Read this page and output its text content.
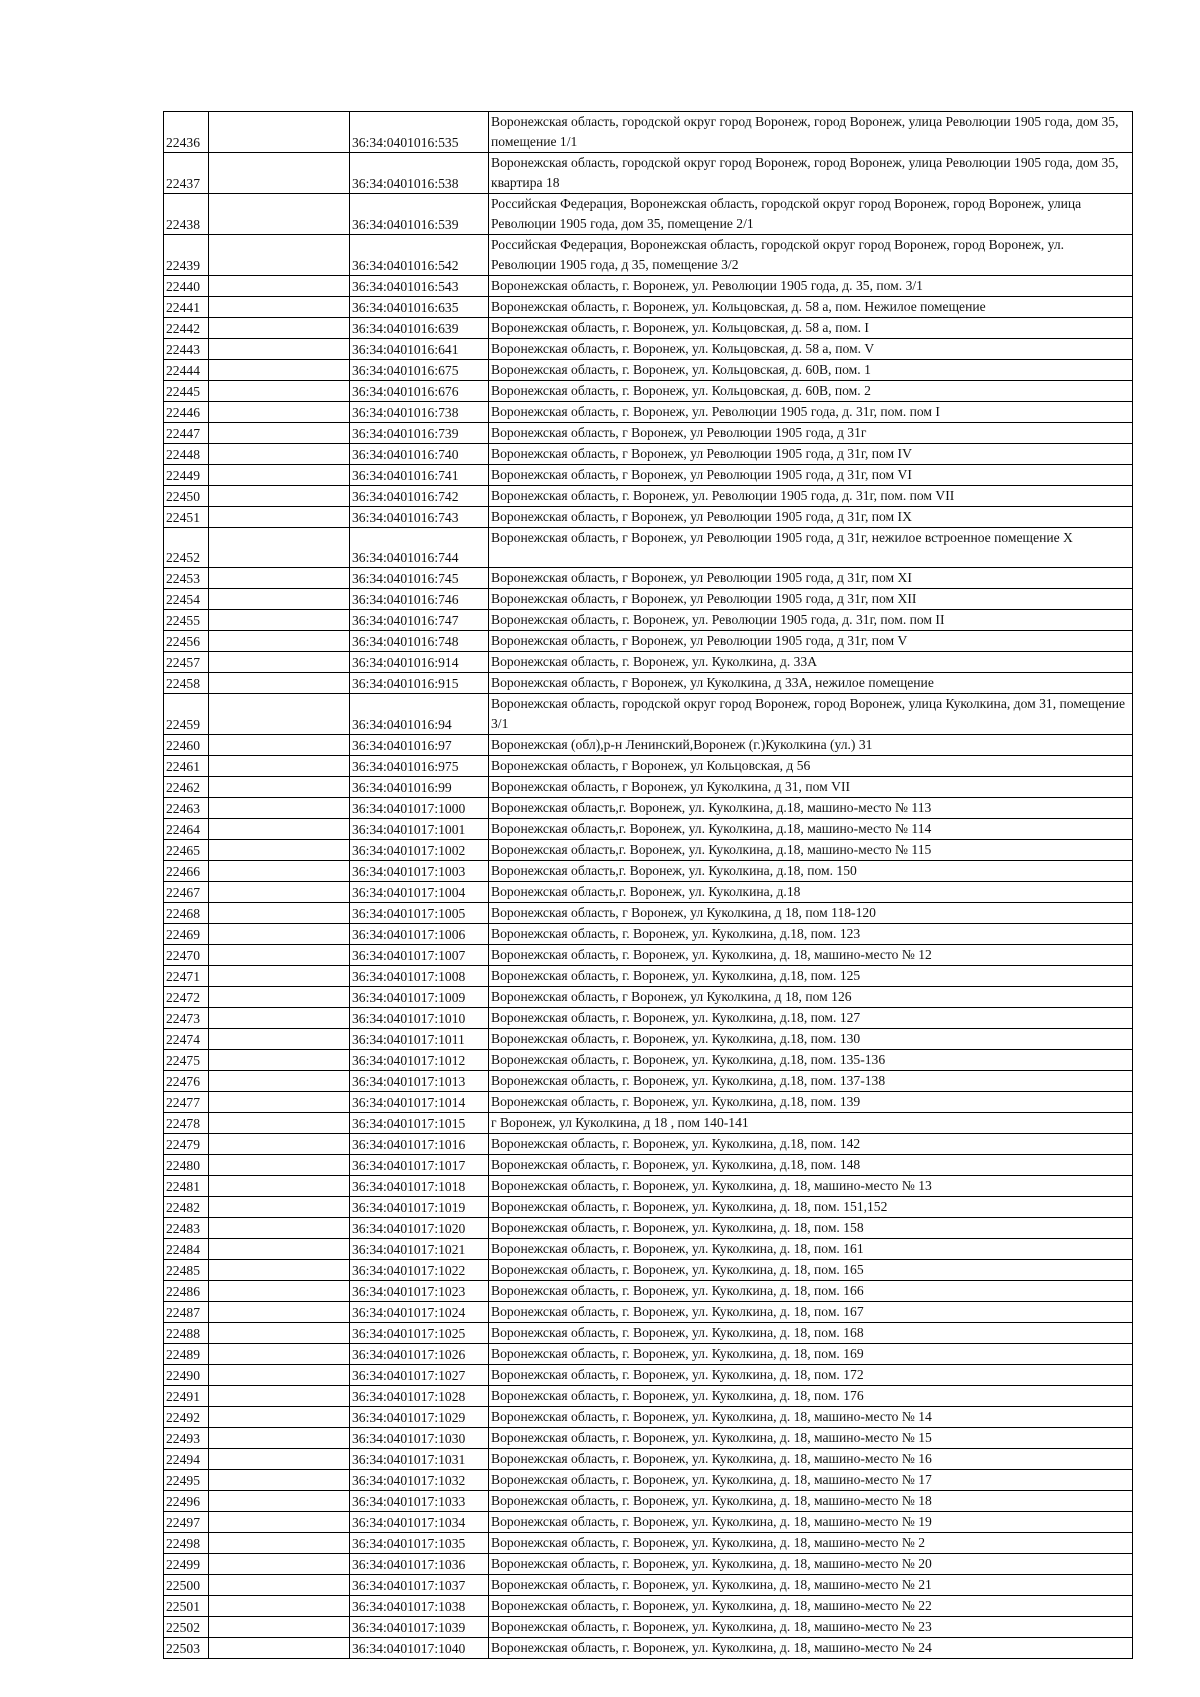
22436		36:34:0401016:535	Воронежская область, городской округ город Воронеж, город Воронеж, улица Революции 1905 года, дом 35, помещение 1/1
22437		36:34:0401016:538	Воронежская область, городской округ город Воронеж, город Воронеж, улица Революции 1905 года, дом 35, квартира 18
22438		36:34:0401016:539	Российская Федерация, Воронежская область, городской округ город Воронеж, город Воронеж, улица Революции 1905 года, дом 35, помещение 2/1
22439		36:34:0401016:542	Российская Федерация, Воронежская область, городской округ город Воронеж, город Воронеж, ул. Революции 1905 года, д 35, помещение 3/2
22440		36:34:0401016:543	Воронежская область, г. Воронеж, ул. Революции 1905 года, д. 35, пом. 3/1
22441		36:34:0401016:635	Воронежская область, г. Воронеж, ул. Кольцовская, д. 58 а, пом. Нежилое помещение
22442		36:34:0401016:639	Воронежская область, г. Воронеж, ул. Кольцовская, д. 58 а, пом. I
22443		36:34:0401016:641	Воронежская область, г. Воронеж, ул. Кольцовская, д. 58 а, пом. V
22444		36:34:0401016:675	Воронежская область, г. Воронеж, ул. Кольцовская, д. 60В, пом. 1
22445		36:34:0401016:676	Воронежская область, г. Воронеж, ул. Кольцовская, д. 60В, пом. 2
22446		36:34:0401016:738	Воронежская область, г. Воронеж, ул. Революции 1905 года, д. 31г, пом. пом I
22447		36:34:0401016:739	Воронежская область, г Воронеж, ул Революции 1905 года, д 31г
22448		36:34:0401016:740	Воронежская область, г Воронеж, ул Революции 1905 года, д 31г, пом IV
22449		36:34:0401016:741	Воронежская область, г Воронеж, ул Революции 1905 года, д 31г, пом VI
22450		36:34:0401016:742	Воронежская область, г. Воронеж, ул. Революции 1905 года, д. 31г, пом. пом VII
22451		36:34:0401016:743	Воронежская область, г Воронеж, ул Революции 1905 года, д 31г, пом IX
22452		36:34:0401016:744	Воронежская область, г Воронеж, ул Революции 1905 года, д 31г, нежилое встроенное помещение X
22453		36:34:0401016:745	Воронежская область, г Воронеж, ул Революции 1905 года, д 31г, пом XI
22454		36:34:0401016:746	Воронежская область, г Воронеж, ул Революции 1905 года, д 31г, пом XII
22455		36:34:0401016:747	Воронежская область, г. Воронеж, ул. Революции 1905 года, д. 31г, пом. пом II
22456		36:34:0401016:748	Воронежская область, г Воронеж, ул Революции 1905 года, д 31г, пом V
22457		36:34:0401016:914	Воронежская область, г. Воронеж, ул. Куколкина, д. 33А
22458		36:34:0401016:915	Воронежская область, г Воронеж, ул Куколкина, д 33А, нежилое помещение
22459		36:34:0401016:94	Воронежская область, городской округ город Воронеж, город Воронеж, улица Куколкина, дом 31, помещение 3/1
22460		36:34:0401016:97	Воронежская (обл),р-н Ленинский,Воронеж (г.)Куколкина (ул.) 31
22461		36:34:0401016:975	Воронежская область, г Воронеж, ул Кольцовская, д 56
22462		36:34:0401016:99	Воронежская область, г Воронеж, ул Куколкина, д 31, пом VII
22463		36:34:0401017:1000	Воронежская область,г. Воронеж, ул. Куколкина, д.18, машино-место № 113
22464		36:34:0401017:1001	Воронежская область,г. Воронеж, ул. Куколкина, д.18, машино-место № 114
22465		36:34:0401017:1002	Воронежская область,г. Воронеж, ул. Куколкина, д.18, машино-место № 115
22466		36:34:0401017:1003	Воронежская область,г. Воронеж, ул. Куколкина, д.18, пом. 150
22467		36:34:0401017:1004	Воронежская область,г. Воронеж, ул. Куколкина, д.18
22468		36:34:0401017:1005	Воронежская область, г Воронеж, ул Куколкина, д 18, пом 118-120
22469		36:34:0401017:1006	Воронежская область, г. Воронеж, ул. Куколкина, д.18, пом. 123
22470		36:34:0401017:1007	Воронежская область, г. Воронеж, ул. Куколкина, д. 18, машино-место № 12
22471		36:34:0401017:1008	Воронежская область, г. Воронеж, ул. Куколкина, д.18, пом. 125
22472		36:34:0401017:1009	Воронежская область, г Воронеж, ул Куколкина, д 18, пом 126
22473		36:34:0401017:1010	Воронежская область, г. Воронеж, ул. Куколкина, д.18, пом. 127
22474		36:34:0401017:1011	Воронежская область, г. Воронеж, ул. Куколкина, д.18, пом. 130
22475		36:34:0401017:1012	Воронежская область, г. Воронеж, ул. Куколкина, д.18, пом. 135-136
22476		36:34:0401017:1013	Воронежская область, г. Воронеж, ул. Куколкина, д.18, пом. 137-138
22477		36:34:0401017:1014	Воронежская область, г. Воронеж, ул. Куколкина, д.18, пом. 139
22478		36:34:0401017:1015	г Воронеж, ул Куколкина, д 18 , пом 140-141
22479		36:34:0401017:1016	Воронежская область, г. Воронеж, ул. Куколкина, д.18, пом. 142
22480		36:34:0401017:1017	Воронежская область, г. Воронеж, ул. Куколкина, д.18, пом. 148
22481		36:34:0401017:1018	Воронежская область, г. Воронеж, ул. Куколкина, д. 18, машино-место № 13
22482		36:34:0401017:1019	Воронежская область, г. Воронеж, ул. Куколкина, д. 18, пом. 151,152
22483		36:34:0401017:1020	Воронежская область, г. Воронеж, ул. Куколкина, д. 18, пом. 158
22484		36:34:0401017:1021	Воронежская область, г. Воронеж, ул. Куколкина, д. 18, пом. 161
22485		36:34:0401017:1022	Воронежская область, г. Воронеж, ул. Куколкина, д. 18, пом. 165
22486		36:34:0401017:1023	Воронежская область, г. Воронеж, ул. Куколкина, д. 18, пом. 166
22487		36:34:0401017:1024	Воронежская область, г. Воронеж, ул. Куколкина, д. 18, пом. 167
22488		36:34:0401017:1025	Воронежская область, г. Воронеж, ул. Куколкина, д. 18, пом. 168
22489		36:34:0401017:1026	Воронежская область, г. Воронеж, ул. Куколкина, д. 18, пом. 169
22490		36:34:0401017:1027	Воронежская область, г. Воронеж, ул. Куколкина, д. 18, пом. 172
22491		36:34:0401017:1028	Воронежская область, г. Воронеж, ул. Куколкина, д. 18, пом. 176
22492		36:34:0401017:1029	Воронежская область, г. Воронеж, ул. Куколкина, д. 18, машино-место № 14
22493		36:34:0401017:1030	Воронежская область, г. Воронеж, ул. Куколкина, д. 18, машино-место № 15
22494		36:34:0401017:1031	Воронежская область, г. Воронеж, ул. Куколкина, д. 18, машино-место № 16
22495		36:34:0401017:1032	Воронежская область, г. Воронеж, ул. Куколкина, д. 18, машино-место № 17
22496		36:34:0401017:1033	Воронежская область, г. Воронеж, ул. Куколкина, д. 18, машино-место № 18
22497		36:34:0401017:1034	Воронежская область, г. Воронеж, ул. Куколкина, д. 18, машино-место № 19
22498		36:34:0401017:1035	Воронежская область, г. Воронеж, ул. Куколкина, д. 18, машино-место № 2
22499		36:34:0401017:1036	Воронежская область, г. Воронеж, ул. Куколкина, д. 18, машино-место № 20
22500		36:34:0401017:1037	Воронежская область, г. Воронеж, ул. Куколкина, д. 18, машино-место № 21
22501		36:34:0401017:1038	Воронежская область, г. Воронеж, ул. Куколкина, д. 18, машино-место № 22
22502		36:34:0401017:1039	Воронежская область, г. Воронеж, ул. Куколкина, д. 18, машино-место № 23
22503		36:34:0401017:1040	Воронежская область, г. Воронеж, ул. Куколкина, д. 18, машино-место № 24
